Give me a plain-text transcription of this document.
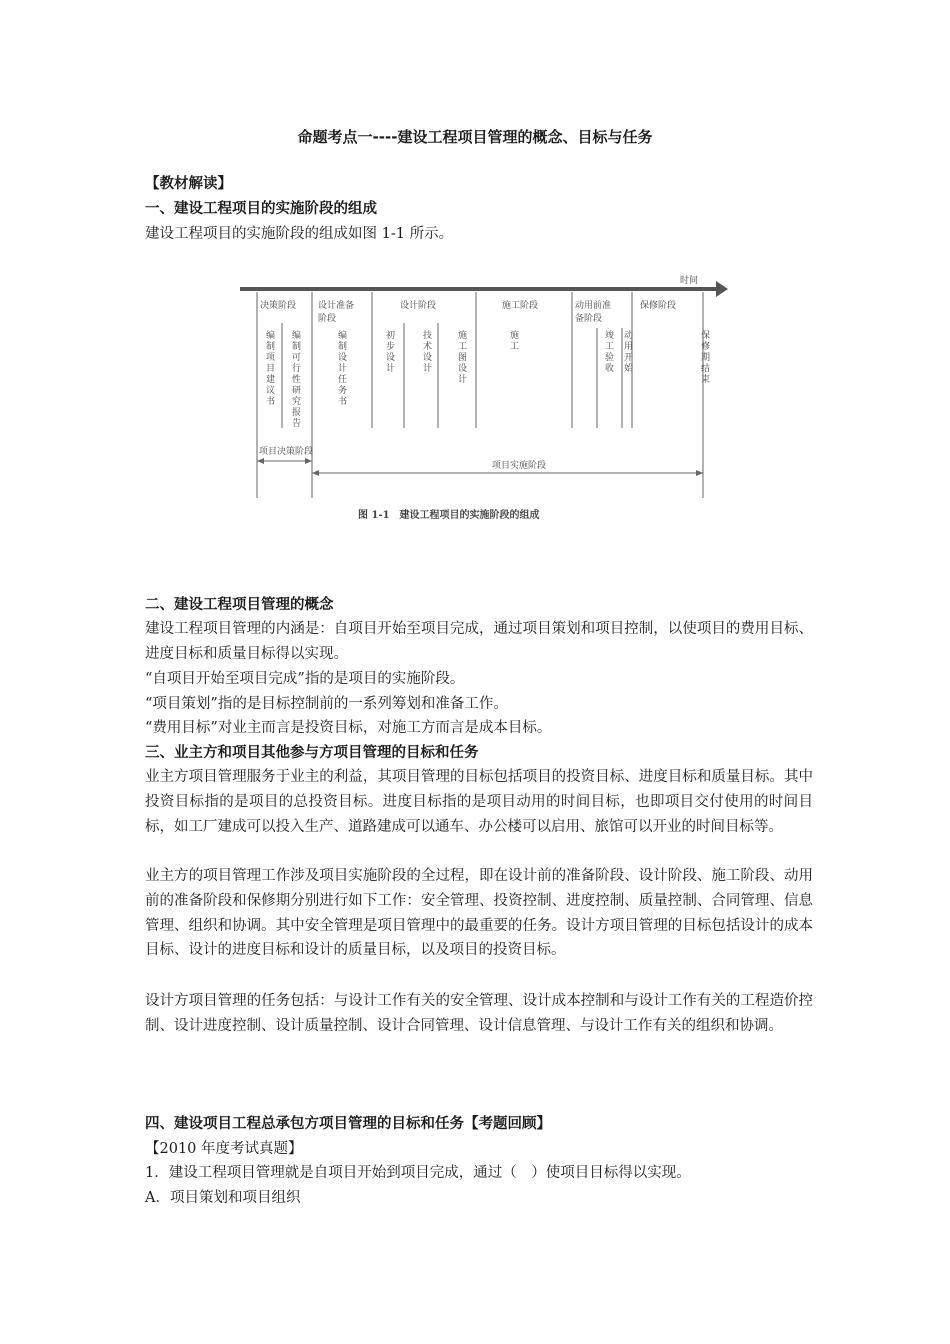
命题考点一----建设工程项目管理的概念、目标与任务
【教材解读】
一、建设工程项目的实施阶段的组成
建设工程项目的实施阶段的组成如图 1-1 所示。
时间
决策阶段 设计准备
阶段
设计阶段	施工阶段	动用前准
备阶段
保修阶段
编制项目建议书
编制可行性研究报告
编制设计任务书
初步设计
技术设计
施工图设计
施工
竣工验收
动用开始
保修期结束
项目决策阶段
项目实施阶段
图 1-1　建设工程项目的实施阶段的组成
二、建设工程项目管理的概念
建设工程项目管理的内涵是：自项目开始至项目完成，通过项目策划和项目控制，以使项目的费用目标、进度目标和质量目标得以实现。
“自项目开始至项目完成”指的是项目的实施阶段。
“项目策划”指的是目标控制前的一系列筹划和准备工作。
“费用目标”对业主而言是投资目标，对施工方而言是成本目标。
三、业主方和项目其他参与方项目管理的目标和任务
业主方项目管理服务于业主的利益，其项目管理的目标包括项目的投资目标、进度目标和质量目标。其中投资目标指的是项目的总投资目标。进度目标指的是项目动用的时间目标，也即项目交付使用的时间目标，如工厂建成可以投入生产、道路建成可以通车、办公楼可以启用、旅馆可以开业的时间目标等。
业主方的项目管理工作涉及项目实施阶段的全过程，即在设计前的准备阶段、设计阶段、施工阶段、动用前的准备阶段和保修期分别进行如下工作：安全管理、投资控制、进度控制、质量控制、合同管理、信息管理、组织和协调。其中安全管理是项目管理中的最重要的任务。设计方项目管理的目标包括设计的成本目标、设计的进度目标和设计的质量目标，以及项目的投资目标。
设计方项目管理的任务包括：与设计工作有关的安全管理、设计成本控制和与设计工作有关的工程造价控制、设计进度控制、设计质量控制、设计合同管理、设计信息管理、与设计工作有关的组织和协调。
四、建设项目工程总承包方项目管理的目标和任务【考题回顾】
【2010 年度考试真题】
1．建设工程项目管理就是自项目开始到项目完成，通过（　）使项目目标得以实现。
A．项目策划和项目组织
